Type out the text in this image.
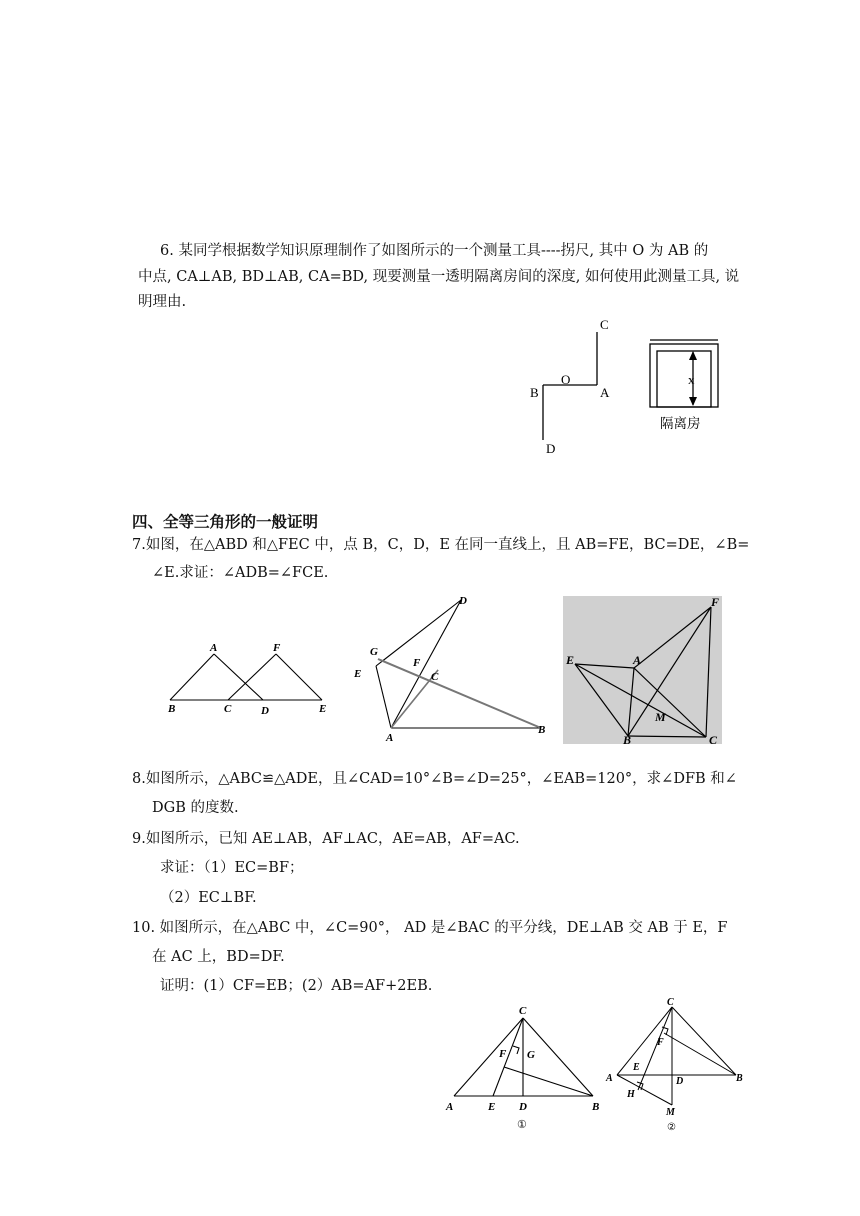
6. 某同学根据数学知识原理制作了如图所示的一个测量工具----拐尺, 其中 O 为 AB 的
中点, CA⊥AB, BD⊥AB, CA=BD, 现要测量一透明隔离房间的深度, 如何使用此测量工具, 说
明理由.
C
O
B	A
D
x
隔离房
四、全等三角形的一般证明
7.如图，在△ABD 和△FEC 中，点 B，C，D，E 在同一直线上，且 AB=FE，BC=DE，∠B=
∠E.求证：∠ADB=∠FCE.
A	F
B	C	D	E
D
G
F
E	C
A
B
F
E	A
M
B	C
8.如图所示，△ABC≌△ADE，且∠CAD=10°∠B=∠D=25°，∠EAB=120°，求∠DFB 和∠
DGB 的度数.
9.如图所示，已知 AE⊥AB，AF⊥AC，AE=AB，AF=AC.
求证：（1）EC=BF；
（2）EC⊥BF.
10. 如图所示，在△ABC 中，∠C=90°， AD 是∠BAC 的平分线，DE⊥AB 交 AB 于 E，F
在 AC 上，BD=DF.
证明：(1）CF=EB；(2）AB=AF+2EB.
C
F G
A	E D	B
①
C
F
A
E
D	B
H
M
②
